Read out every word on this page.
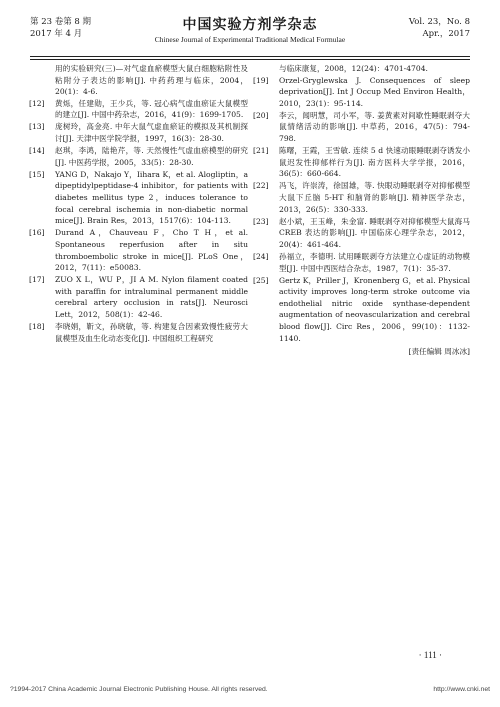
第 23 卷第 8 期
2017 年 4 月
中国实验方剂学杂志
Chinese Journal of Experimental Traditional Medical Formulae
Vol. 23，No. 8
Apr.，2017
用的实验研究(三)—对气虚血瘀模型大鼠白细胞粘附性及粘附分子表达的影响[J]. 中药药理与临床，2004，20(1)：4-6.
[12]	黄烁，任建勋，王少兵，等. 冠心病气虚血瘀证大鼠模型的建立[J]. 中国中药杂志，2016，41(9)：1699-1705.
[13]	庞树玲，高金亮. 中年大鼠气虚血瘀证的模拟及其机制探讨[J]. 天津中医学院学报，1997，16(3)：28-30.
[14]	赵琪，李鸿，陆艳芹，等. 天然慢性气虚血瘀模型的研究[J]. 中医药学报，2005，33(5)：28-30.
[15]	YANG D，Nakajo Y，Iihara K，et al. Alogliptin，a dipeptidylpeptidase-4 inhibitor，for patients with diabetes mellitus type 2，induces tolerance to focal cerebral ischemia in non-diabetic normal mice[J]. Brain Res，2013，1517(6)：104-113.
[16]	Durand A，Chauveau F，Cho T H，et al. Spontaneous reperfusion after in situ thromboembolic stroke in mice[J]. PLoS One，2012，7(11)：e50083.
[17]	ZUO X L，WU P，JI A M. Nylon filament coated with paraffin for intraluminal permanent middle cerebral artery occlusion in rats[J]. Neurosci Lett，2012，508(1)：42-46.
[18]	李晓娟，靳文，孙晓敏，等. 构建复合因素致慢性疲劳大鼠模型及血生化动态变化[J]. 中国组织工程研究
与临床康复，2008，12(24)：4701-4704.
[19]	Orzel-Gryglewska J. Consequences of sleep deprivation[J]. Int J Occup Med Environ Health，2010，23(1)：95-114.
[20]	李云，闻明慧，司小军，等. 姜黄素对间歇性睡眠剥夺大鼠情绪活动的影响[J]. 中草药，2016，47(5)：794-798.
[21]	陈曙，王霞，王雪敏. 连续 5 d 快速动眼睡眠剥夺诱发小鼠迟发性抑郁样行为[J]. 南方医科大学学报，2016，36(5)：660-664.
[22]	冯飞，许崇涛，徐国雄，等. 快眼动睡眠剥夺对抑郁模型大鼠下丘脑 5-HT 和脑肾的影响[J]. 精神医学杂志，2013，26(5)：330-333.
[23]	赵小斌，王玉峰，朱金富. 睡眠剥夺对抑郁模型大鼠海马 CREB 表达的影响[J]. 中国临床心理学杂志，2012，20(4)：461-464.
[24]	孙福立，李德明. 试用睡眠剥夺方法建立心虚证的动物模型[J]. 中国中西医结合杂志，1987，7(1)：35-37.
[25]	Gertz K，Priller J，Kronenberg G，et al. Physical activity improves long-term stroke outcome via endothelial nitric oxide synthase-dependent augmentation of neovascularization and cerebral blood flow[J]. Circ Res，2006，99(10)：1132-1140.
[责任编辑 周冰冰]
· 111 ·
?1994-2017 China Academic Journal Electronic Publishing House. All rights reserved.	http://www.cnki.net
